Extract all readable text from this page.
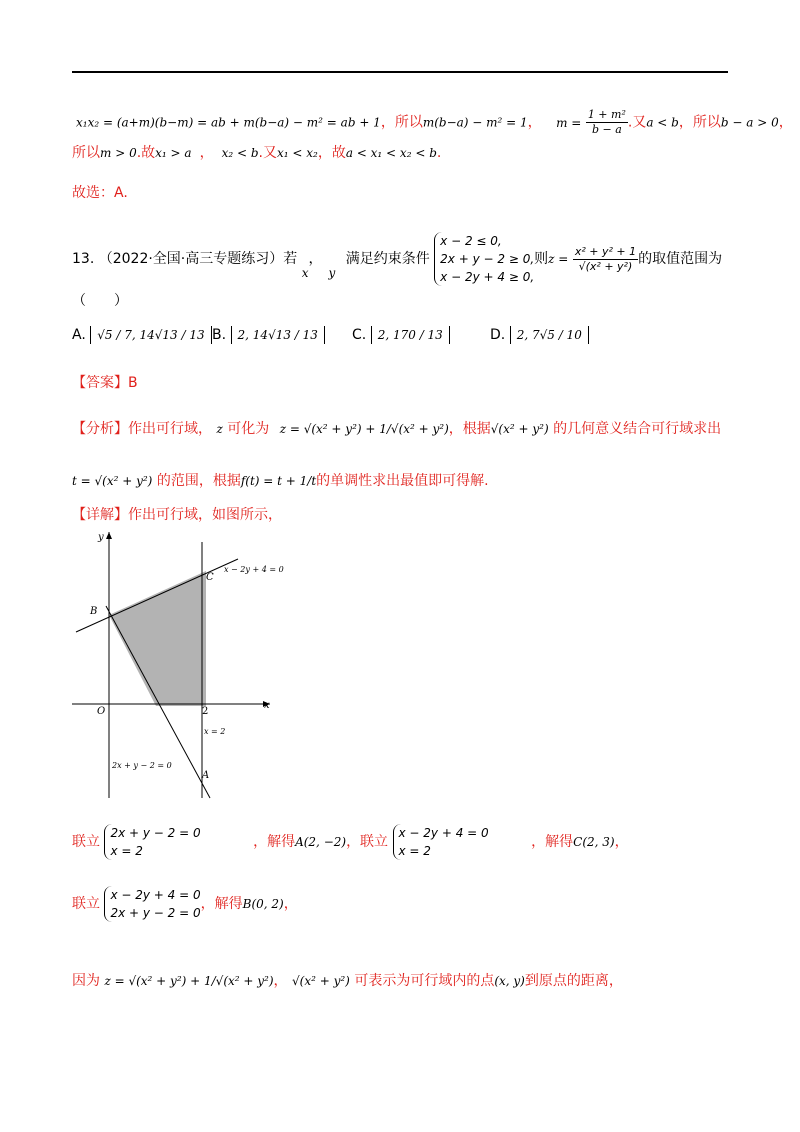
x₁x₂ = (a+m)(b−m) = ab + m(b−a) − m² = ab + 1，所以m(b−a) − m² = 1， $m = \frac{\text{1 + m²}}{b - a}$ .又a < b，所以b − a > 0，
所以m > 0.故x₁ > a ， x₂ < b.又x₁ < x₂，故a < x₁ < x₂ < b.
故选：A.
13. （2022·全国·高三专题练习）若 x，y 满足约束条件
x − 2 ≤ 0,
2x + y − 2 ≥ 0,
x − 2y + 4 ≥ 0,
则$z = \frac{\text{x² + y² + 1}}{\text{√(x² + y²)}}$ 的取值范围为
（　　）
A. √5 / 7, 14√13 / 13 B. 2, 14√13 / 13	C. 2, 170 / 13	D. 2, 7√5 / 10
【答案】B
【分析】作出可行域， z 可化为 z = √(x² + y²) + 1/√(x² + y²)，根据√(x² + y²) 的几何意义结合可行域求出
t = √(x² + y²) 的范围，根据f(t) = t + 1/t的单调性求出最值即可得解.
【详解】作出可行域，如图所示，
y
x
O	2
A
B
C
x − 2y + 4 = 0
x = 2
2x + y − 2 = 0
联立
2x + y − 2 = 0
x = 2
，解得A(2, −2)，联立
x − 2y + 4 = 0
x = 2
，解得C(2, 3)，
联立
x − 2y + 4 = 0
2x + y − 2 = 0
，解得B(0, 2)，
因为 z = √(x² + y²) + 1/√(x² + y²)， √(x² + y²) 可表示为可行域内的点(x, y)到原点的距离，
